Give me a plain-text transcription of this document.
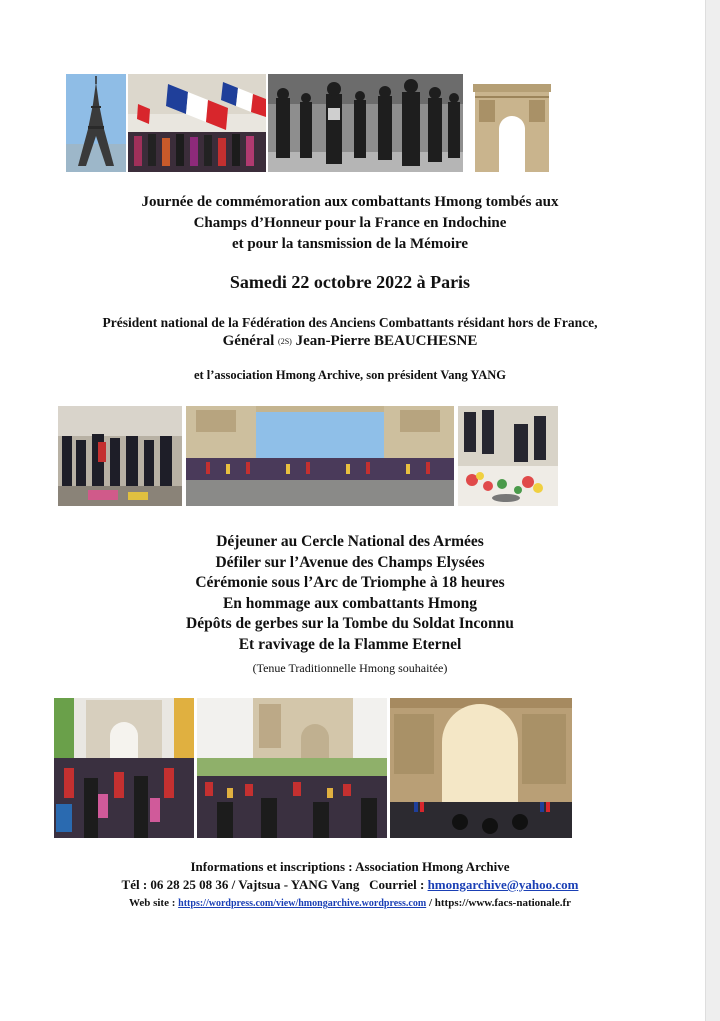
Journée de commémoration aux combattants Hmong tombés aux
Champs d’Honneur pour la France en Indochine
et pour la tansmission de la Mémoire
Samedi 22 octobre 2022 à Paris
Président national de la Fédération des Anciens Combattants résidant hors de France,
Général (2S) Jean-Pierre BEAUCHESNE
et l’association Hmong Archive, son président Vang YANG
Déjeuner au Cercle National des Armées
Défiler sur l’Avenue des Champs Elysées
Cérémonie sous l’Arc de Triomphe à 18 heures
En hommage aux combattants Hmong
Dépôts de gerbes sur la Tombe du Soldat Inconnu
Et ravivage de la Flamme Eternel
(Tenue Traditionnelle Hmong souhaitée)
Informations et inscriptions : Association Hmong Archive
Tél : 06 28 25 08 36 / Vajtsua - YANG Vang Courriel : hmongarchive@yahoo.com
Web site : https://wordpress.com/view/hmongarchive.wordpress.com / https://www.facs-nationale.fr
